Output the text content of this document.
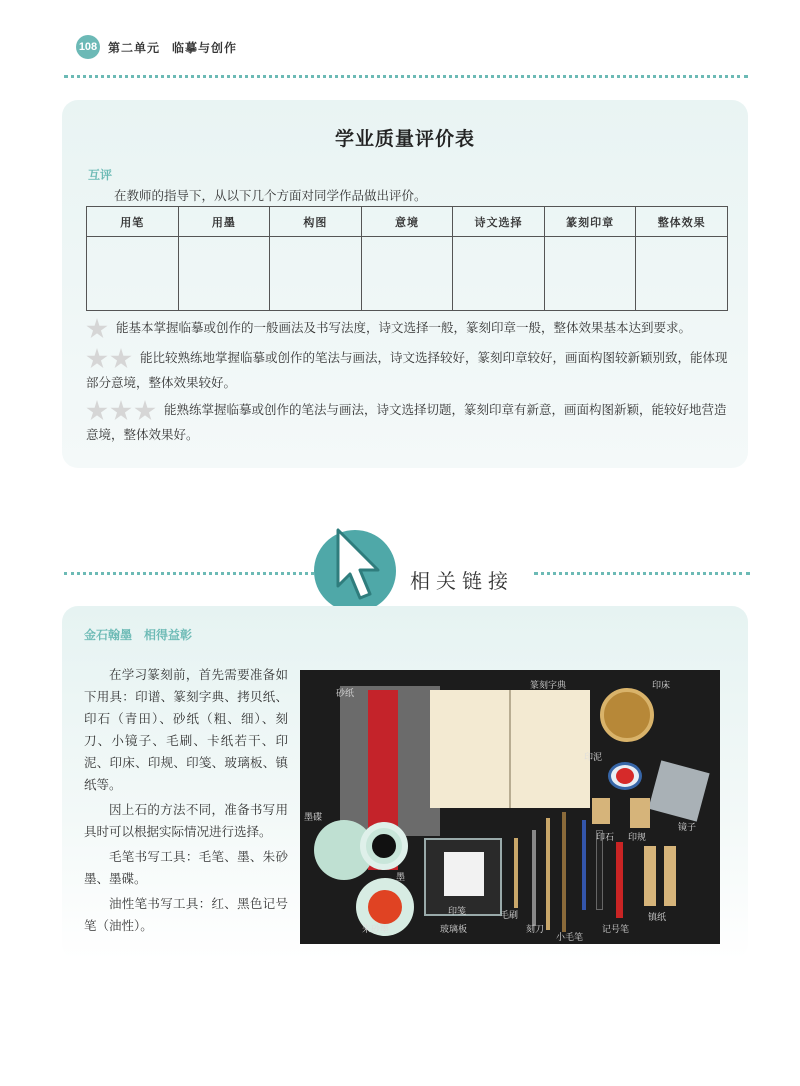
108 第二单元 临摹与创作
学业质量评价表
互评
在教师的指导下，从以下几个方面对同学作品做出评价。
用笔	用墨	构图	意境	诗文选择	篆刻印章	整体效果

能基本掌握临摹或创作的一般画法及书写法度，诗文选择一般，篆刻印章一般，整体效果基本达到要求。
能比较熟练地掌握临摹或创作的笔法与画法，诗文选择较好，篆刻印章较好，画面构图较新颖别致，能体现部分意境，整体效果较好。
能熟练掌握临摹或创作的笔法与画法，诗文选择切题，篆刻印章有新意，画面构图新颖，能较好地营造意境，整体效果好。
相关链接
金石翰墨　相得益彰

在学习篆刻前，首先需要准备如下用具：印谱、篆刻字典、拷贝纸、印石（青田）、砂纸（粗、细）、刻刀、小镜子、毛刷、卡纸若干、印泥、印床、印规、印笺、玻璃板、镇纸等。

因上石的方法不同，准备书写用具时可以根据实际情况进行选择。

毛笔书写工具：毛笔、墨、朱砂墨、墨碟。

油性笔书写工具：红、黑色记号笔（油性）。

砂纸
篆刻字典	印床
印泥
墨碟
墨
印石 印规
镜子
印笺
朱砂墨	玻璃板
毛刷
刻刀
小毛笔
记号笔
镇纸
